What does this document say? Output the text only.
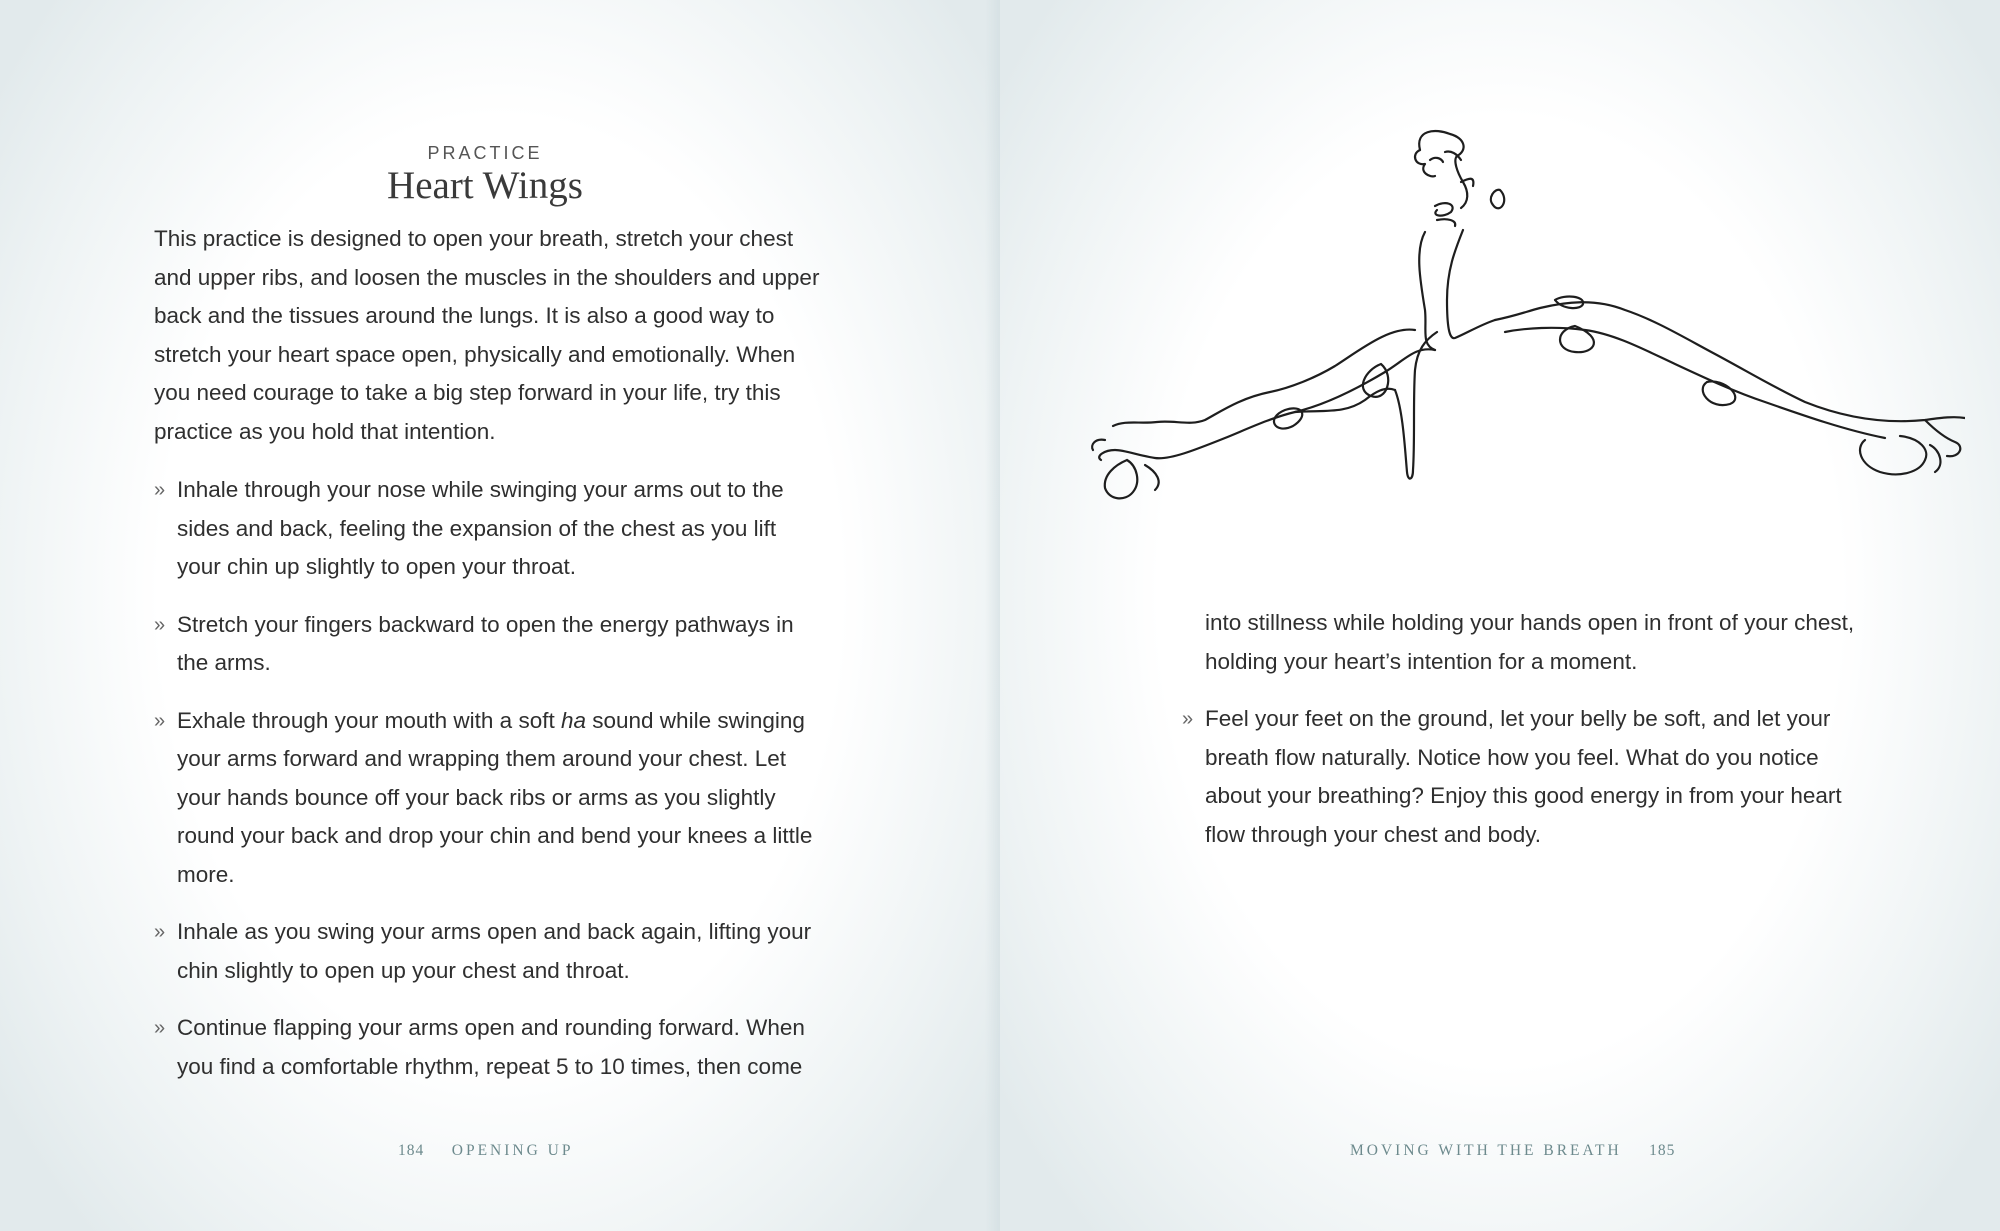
PRACTICE
Heart Wings

This practice is designed to open your breath, stretch your chest and upper ribs, and loosen the muscles in the shoulders and upper back and the tissues around the lungs. It is also a good way to stretch your heart space open, physically and emotionally. When you need courage to take a big step forward in your life, try this practice as you hold that intention.

» Inhale through your nose while swinging your arms out to the sides and back, feeling the expansion of the chest as you lift your chin up slightly to open your throat.
» Stretch your fingers backward to open the energy pathways in the arms.
» Exhale through your mouth with a soft ha sound while swinging your arms forward and wrapping them around your chest. Let your hands bounce off your back ribs or arms as you slightly round your back and drop your chin and bend your knees a little more.
» Inhale as you swing your arms open and back again, lifting your chin slightly to open up your chest and throat.
» Continue flapping your arms open and rounding forward. When you find a comfortable rhythm, repeat 5 to 10 times, then come
184 OPENING UP
into stillness while holding your hands open in front of your chest, holding your heart’s intention for a moment.
» Feel your feet on the ground, let your belly be soft, and let your breath flow naturally. Notice how you feel. What do you notice about your breathing? Enjoy this good energy in from your heart flow through your chest and body.
MOVING WITH THE BREATH 185
